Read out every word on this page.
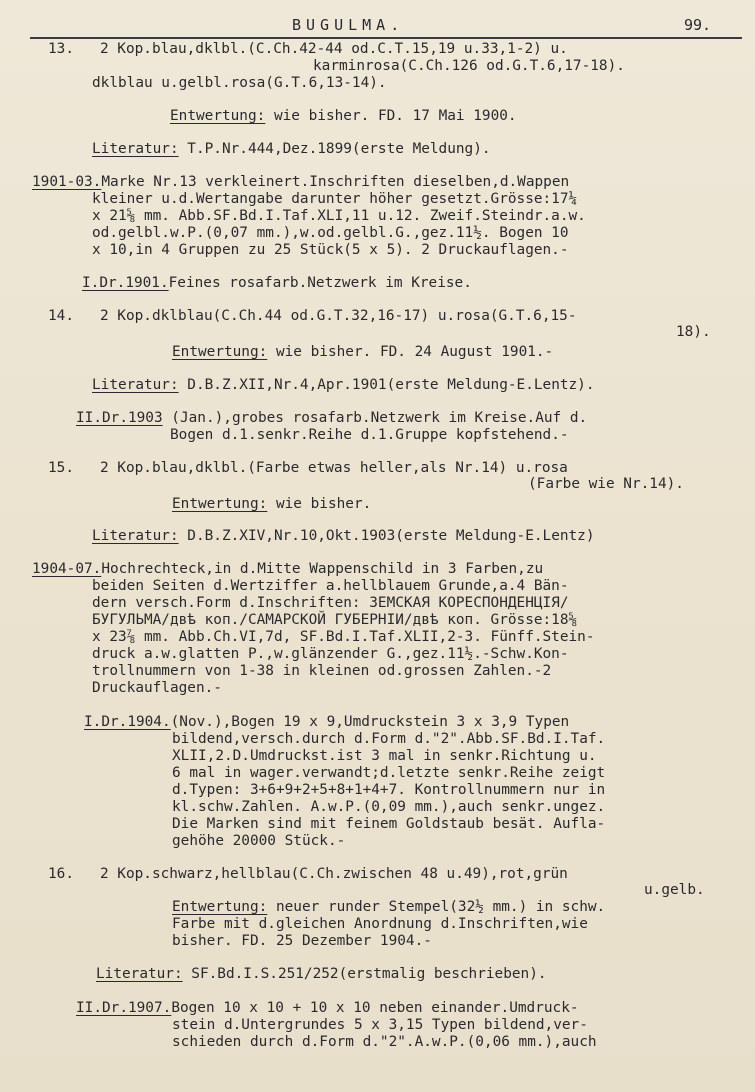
BUGULMA.	99.
13.   2 Kop.blau,dklbl.(C.Ch.42-44 od.C.T.15,19 u.33,1-2) u.
karminrosa(C.Ch.126 od.G.T.6,17-18).
dklblau u.gelbl.rosa(G.T.6,13-14).
Entwertung: wie bisher. FD. 17 Mai 1900.
Literatur: T.P.Nr.444,Dez.1899(erste Meldung).
1901-03.Marke Nr.13 verkleinert.Inschriften dieselben,d.Wappen
kleiner u.d.Wertangabe darunter höher gesetzt.Grösse:17¼
x 21⅝ mm. Abb.SF.Bd.I.Taf.XLI,11 u.12. Zweif.Steindr.a.w.
od.gelbl.w.P.(0,07 mm.),w.od.gelbl.G.,gez.11½. Bogen 10
x 10,in 4 Gruppen zu 25 Stück(5 x 5). 2 Druckauflagen.-
I.Dr.1901.Feines rosafarb.Netzwerk im Kreise.
14.   2 Kop.dklblau(C.Ch.44 od.G.T.32,16-17) u.rosa(G.T.6,15-
18).
Entwertung: wie bisher. FD. 24 August 1901.-
Literatur: D.B.Z.XII,Nr.4,Apr.1901(erste Meldung-E.Lentz).
II.Dr.1903 (Jan.),grobes rosafarb.Netzwerk im Kreise.Auf d.
Bogen d.1.senkr.Reihe d.1.Gruppe kopfstehend.-
15.   2 Kop.blau,dklbl.(Farbe etwas heller,als Nr.14) u.rosa
(Farbe wie Nr.14).
Entwertung: wie bisher.
Literatur: D.B.Z.XIV,Nr.10,Okt.1903(erste Meldung-E.Lentz)
1904-07.Hochrechteck,in d.Mitte Wappenschild in 3 Farben,zu
beiden Seiten d.Wertziffer a.hellblauem Grunde,a.4 Bän-
dern versch.Form d.Inschriften: ЗЕМСКАЯ КОРЕСПОНДЕНЦІЯ/
БУГУЛЬМА/двѣ коп./САМАРСКОЙ ГУБЕРНІИ/двѣ коп. Grösse:18⅝
x 23⅞ mm. Abb.Ch.VI,7d, SF.Bd.I.Taf.XLII,2-3. Fünff.Stein-
druck a.w.glatten P.,w.glänzender G.,gez.11½.-Schw.Kon-
trollnummern von 1-38 in kleinen od.grossen Zahlen.-2
Druckauflagen.-
I.Dr.1904.(Nov.),Bogen 19 x 9,Umdruckstein 3 x 3,9 Typen
bildend,versch.durch d.Form d."2".Abb.SF.Bd.I.Taf.
XLII,2.D.Umdruckst.ist 3 mal in senkr.Richtung u.
6 mal in wager.verwandt;d.letzte senkr.Reihe zeigt
d.Typen: 3+6+9+2+5+8+1+4+7. Kontrollnummern nur in
kl.schw.Zahlen. A.w.P.(0,09 mm.),auch senkr.ungez.
Die Marken sind mit feinem Goldstaub besät. Aufla-
gehöhe 20000 Stück.-
16.   2 Kop.schwarz,hellblau(C.Ch.zwischen 48 u.49),rot,grün
u.gelb.
Entwertung: neuer runder Stempel(32½ mm.) in schw.
Farbe mit d.gleichen Anordnung d.Inschriften,wie
bisher. FD. 25 Dezember 1904.-
Literatur: SF.Bd.I.S.251/252(erstmalig beschrieben).
II.Dr.1907.Bogen 10 x 10 + 10 x 10 neben einander.Umdruck-
stein d.Untergrundes 5 x 3,15 Typen bildend,ver-
schieden durch d.Form d."2".A.w.P.(0,06 mm.),auch
